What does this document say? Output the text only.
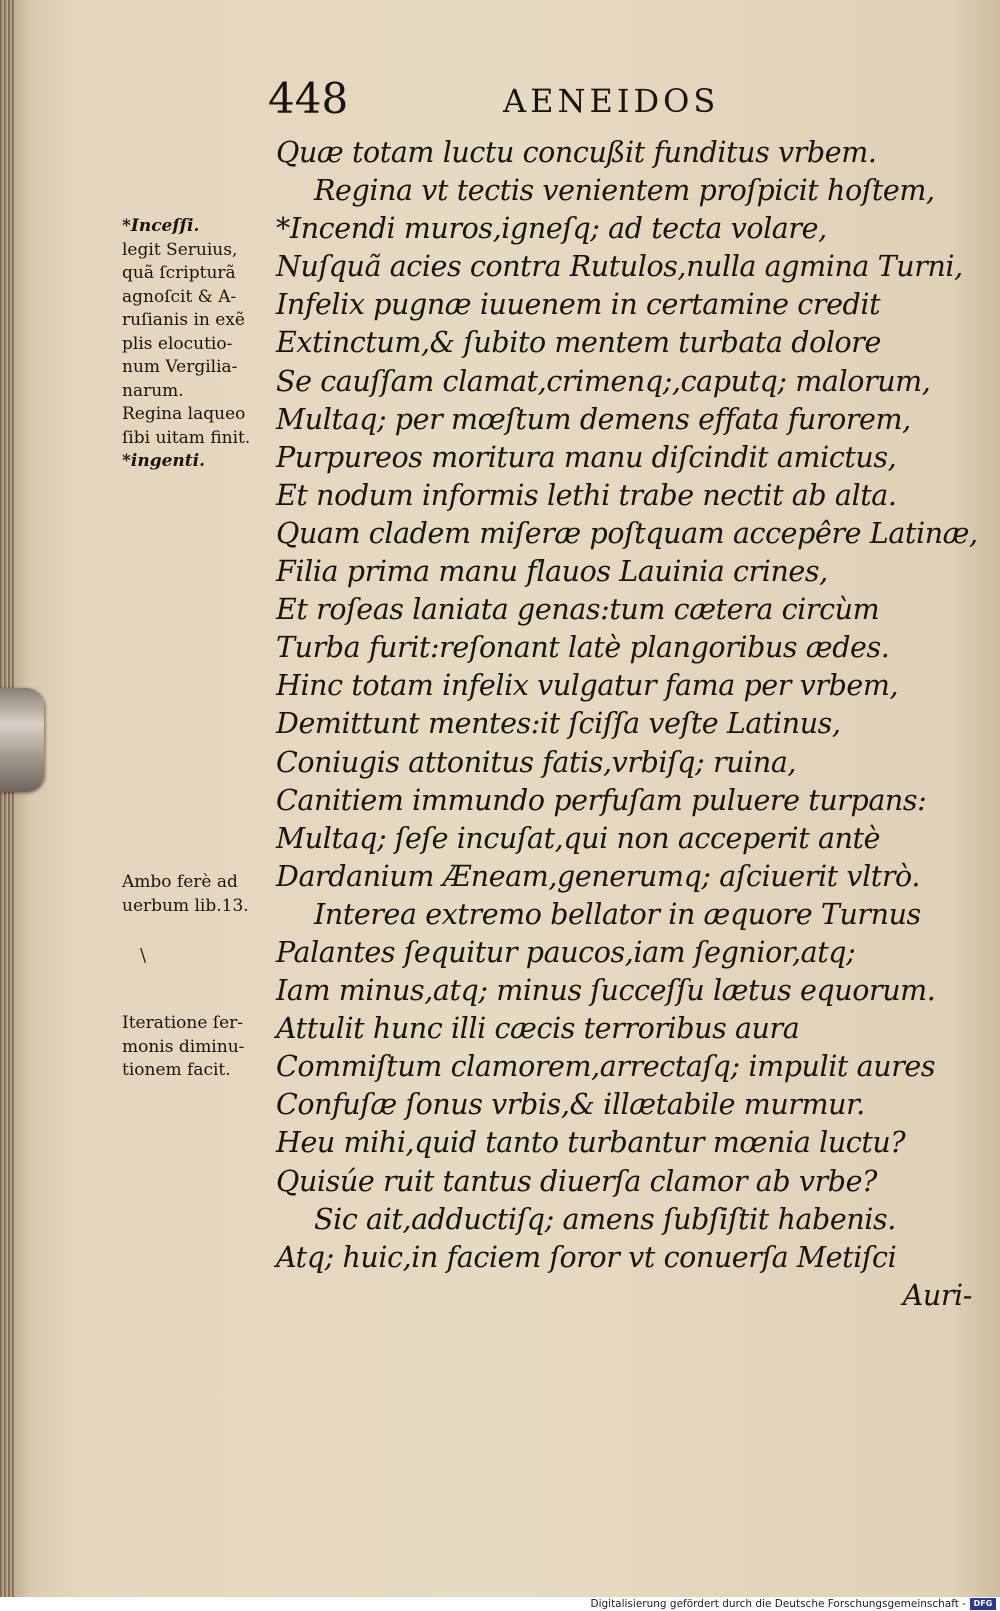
448	AENEIDOS
*Inceſſi.
legit Seruius,
quã ſcripturã
agnoſcit & A-
ruſianis in exẽ
plis elocutio-
num Vergilia-
narum.
Regina laqueo
ſibi uitam finit.
*ingenti.
Ambo ferè ad
uerbum lib.13.
\
Iteratione ſer-
monis diminu-
tionem facit.
Quæ totam luctu concußit funditus vrbem.
Regina vt tectis venientem proſpicit hoſtem,
*Incendi muros,igneſq; ad tecta volare,
Nuſquã acies contra Rutulos,nulla agmina Turni,
Infelix pugnæ iuuenem in certamine credit
Extinctum,& ſubito mentem turbata dolore
Se cauſſam clamat,crimenq;,caputq; malorum,
Multaq; per mœſtum demens effata furorem,
Purpureos moritura manu diſcindit amictus,
Et nodum informis lethi trabe nectit ab alta.
Quam cladem miſeræ poſtquam accepêre Latinæ,
Filia prima manu flauos Lauinia crines,
Et roſeas laniata genas:tum cætera circùm
Turba furit:reſonant latè plangoribus ædes.
Hinc totam infelix vulgatur fama per vrbem,
Demittunt mentes:it ſciſſa veſte Latinus,
Coniugis attonitus fatis,vrbiſq; ruina,
Canitiem immundo perfuſam puluere turpans:
Multaq; ſeſe incuſat,qui non acceperit antè
Dardanium Æneam,generumq; aſciuerit vltrò.
Interea extremo bellator in æquore Turnus
Palantes ſequitur paucos,iam ſegnior,atq;
Iam minus,atq; minus ſucceſſu lætus equorum.
Attulit hunc illi cæcis terroribus aura
Commiſtum clamorem,arrectaſq; impulit aures
Confuſæ ſonus vrbis,& illætabile murmur.
Heu mihi,quid tanto turbantur mœnia luctu?
Quisúe ruit tantus diuerſa clamor ab vrbe?
Sic ait,adductiſq; amens ſubſiſtit habenis.
Atq; huic,in faciem ſoror vt conuerſa Metiſci
Auri-
Digitalisierung gefördert durch die Deutsche Forschungsgemeinschaft - DFG
